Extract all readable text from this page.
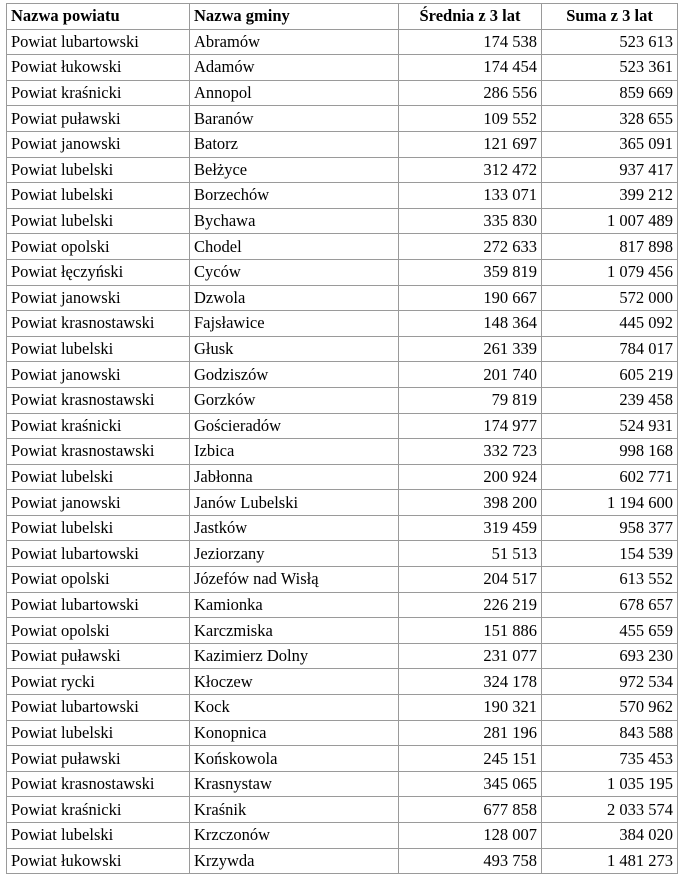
Nazwa powiatu	Nazwa gminy	Średnia z 3 lat	Suma z 3 lat
Powiat lubartowski	Abramów	174 538	523 613
Powiat łukowski	Adamów	174 454	523 361
Powiat kraśnicki	Annopol	286 556	859 669
Powiat puławski	Baranów	109 552	328 655
Powiat janowski	Batorz	121 697	365 091
Powiat lubelski	Bełżyce	312 472	937 417
Powiat lubelski	Borzechów	133 071	399 212
Powiat lubelski	Bychawa	335 830	1 007 489
Powiat opolski	Chodel	272 633	817 898
Powiat łęczyński	Cyców	359 819	1 079 456
Powiat janowski	Dzwola	190 667	572 000
Powiat krasnostawski	Fajsławice	148 364	445 092
Powiat lubelski	Głusk	261 339	784 017
Powiat janowski	Godziszów	201 740	605 219
Powiat krasnostawski	Gorzków	79 819	239 458
Powiat kraśnicki	Gościeradów	174 977	524 931
Powiat krasnostawski	Izbica	332 723	998 168
Powiat lubelski	Jabłonna	200 924	602 771
Powiat janowski	Janów Lubelski	398 200	1 194 600
Powiat lubelski	Jastków	319 459	958 377
Powiat lubartowski	Jeziorzany	51 513	154 539
Powiat opolski	Józefów nad Wisłą	204 517	613 552
Powiat lubartowski	Kamionka	226 219	678 657
Powiat opolski	Karczmiska	151 886	455 659
Powiat puławski	Kazimierz Dolny	231 077	693 230
Powiat rycki	Kłoczew	324 178	972 534
Powiat lubartowski	Kock	190 321	570 962
Powiat lubelski	Konopnica	281 196	843 588
Powiat puławski	Końskowola	245 151	735 453
Powiat krasnostawski	Krasnystaw	345 065	1 035 195
Powiat kraśnicki	Kraśnik	677 858	2 033 574
Powiat lubelski	Krzczonów	128 007	384 020
Powiat łukowski	Krzywda	493 758	1 481 273
